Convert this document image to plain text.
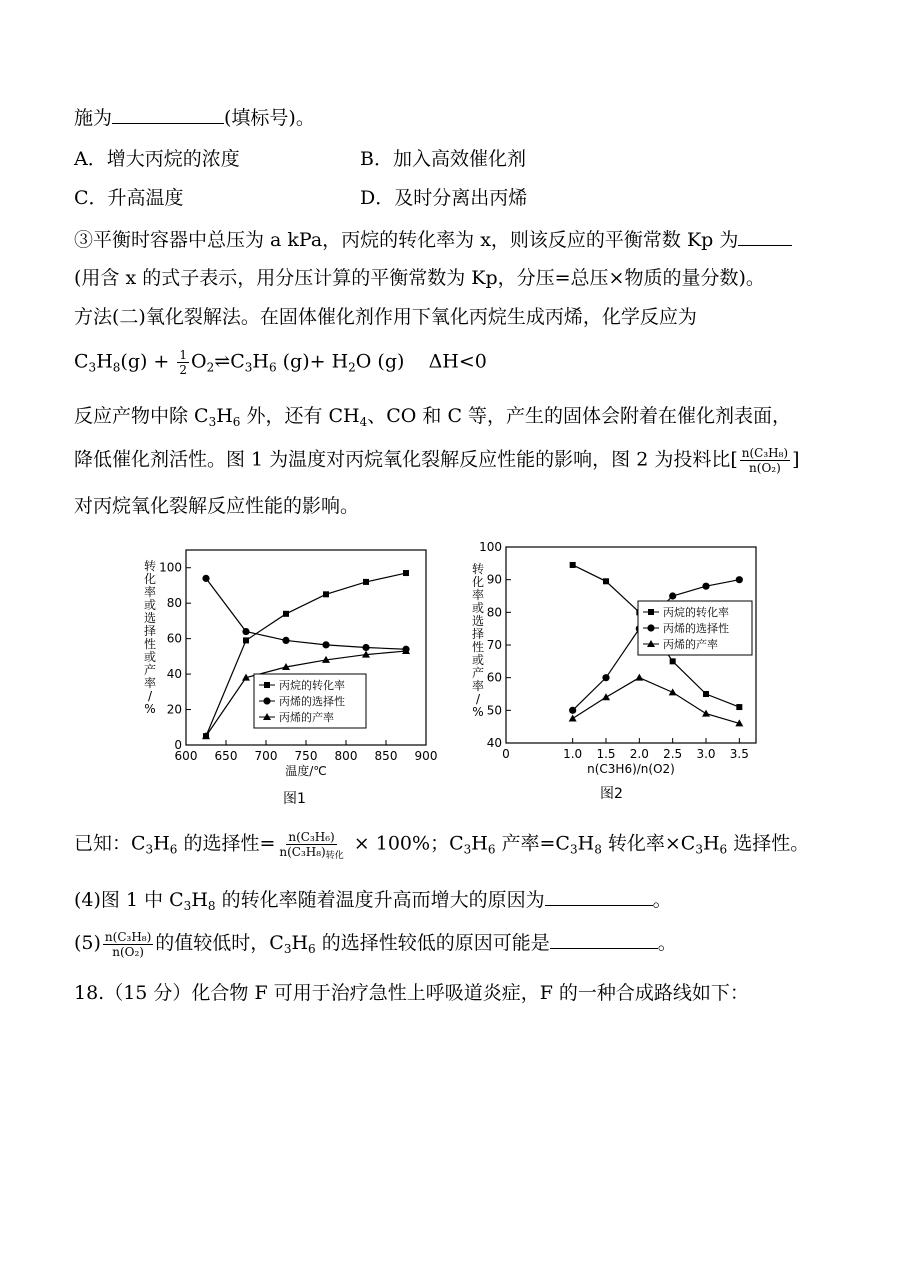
施为	(填标号)。
A．增大丙烷的浓度	B．加入高效催化剂
C．升高温度	D．及时分离出丙烯
③平衡时容器中总压为 a kPa，丙烷的转化率为 x，则该反应的平衡常数 Kp 为
(用含 x 的式子表示，用分压计算的平衡常数为 Kp，分压=总压×物质的量分数)。
方法(二)氧化裂解法。在固体催化剂作用下氧化丙烷生成丙烯，化学反应为
$C_3H_8(g) + \frac{1}{2}$ $O_2\rightleftharpoons C_3H_6$ $(g)+ H_2O$ (g) ΔH<0
反应产物中除 $C_3H_6$ 外，还有 $CH_4$、CO 和 C 等，产生的固体会附着在催化剂表面，
降低催化剂活性。图 1 为温度对丙烷氧化裂解反应性能的影响，图 2 为投料比[ $\frac{\text{n(C₃H₈)}}{\text{n(O₂)}}$ ]
对丙烷氧化裂解反应性能的影响。
0
20
40
60
80
100
600 650 700 750 800 850 900
温度/℃
转化率或选择性或产率/ %
丙烷的转化率
丙烯的选择性
丙烯的产率
图1
40
50
60
70
80
90
100
0	1.0 1.5 2.0 2.5 3.0 3.5
n(C3H6)/n(O2)
转化率或选择性或产率/ %
丙烷的转化率
丙烯的选择性
丙烯的产率
图2
已知：$C_3H_6$ 的选择性= $\frac{\text{n(C₃H₆)}}{n(C_3H_8)_{转化}} \times 100\%$；$C_3H_6$ 产率$=C_3H_8$ 转化率$\times C_3H_6$ 选择性。
(4)图 1 中 $C_3H_8$ 的转化率随着温度升高而增大的原因为	。
$(5) \frac{\text{n(C₃H₈)}}{\text{n(O₂)}}$ 的值较低时，$C_3H_6$ 的选择性较低的原因可能是	。
18.（15 分）化合物 F 可用于治疗急性上呼吸道炎症，F 的一种合成路线如下：
